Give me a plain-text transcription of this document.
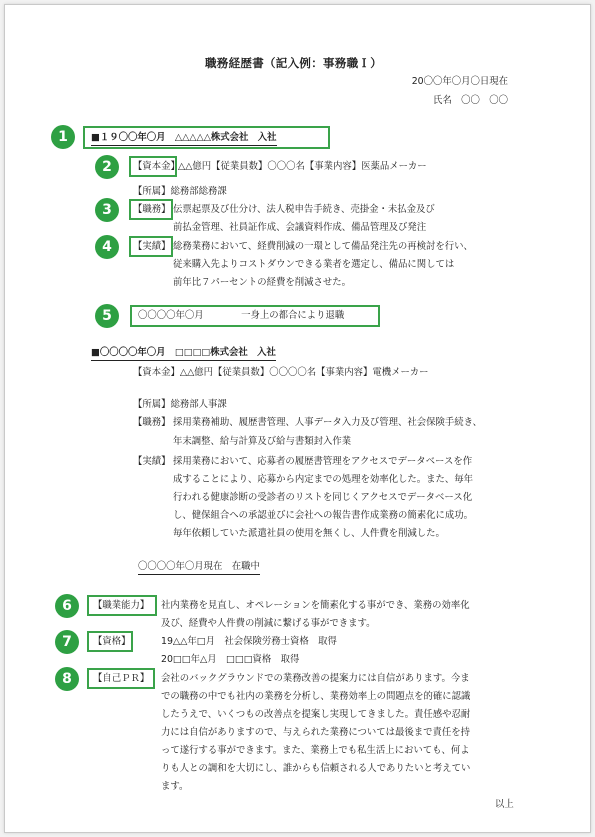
職務経歴書（記入例：事務職Ｉ）
20〇〇年〇月〇日現在
氏名　〇〇　〇〇
■１９〇〇年〇月　△△△△△株式会社　入社
【資本金】
△△億円【従業員数】〇〇〇名【事業内容】医薬品メーカー
【所属】総務部総務課
【職務】 伝票起票及び仕分け、法人税申告手続き、売掛金・未払金及び
前払金管理、社員証作成、会議資料作成、備品管理及び発注
【実績】 総務業務において、経費削減の一環として備品発注先の再検討を行い、
従来購入先よりコストダウンできる業者を選定し、備品に関しては
前年比７パーセントの経費を削減させた。
〇〇〇〇年〇月　　　　一身上の都合により退職
■〇〇〇〇年〇月　□□□□株式会社　入社
【資本金】△△億円【従業員数】〇〇〇〇名【事業内容】電機メーカー
【所属】総務部人事課
【職務】 採用業務補助、履歴書管理、人事データ入力及び管理、社会保険手続き、
年末調整、給与計算及び給与書類封入作業
【実績】 採用業務において、応募者の履歴書管理をアクセスでデータベースを作
成することにより、応募から内定までの処理を効率化した。また、毎年
行われる健康診断の受診者のリストを同じくアクセスでデータベース化
し、健保組合への承認並びに会社への報告書作成業務の簡素化に成功。
毎年依頼していた派遣社員の使用を無くし、人件費を削減した。
〇〇〇〇年〇月現在　在職中
【職業能力】 社内業務を見直し、オペレーションを簡素化する事ができ、業務の効率化
及び、経費や人件費の削減に繋げる事ができます。
【資格】	19△△年□月　社会保険労務士資格　取得
20□□年△月　□□□資格　取得
【自己ＰＲ】 会社のバックグラウンドでの業務改善の提案力には自信があります。今ま
での職務の中でも社内の業務を分析し、業務効率上の問題点を的確に認識
したうえで、いくつもの改善点を提案し実現してきました。責任感や忍耐
力には自信がありますので、与えられた業務については最後まで責任を持
って遂行する事ができます。また、業務上でも私生活上においても、何よ
りも人との調和を大切にし、誰からも信頼される人でありたいと考えてい
ます。
以上
1
2
3
4
5
6
7
8
